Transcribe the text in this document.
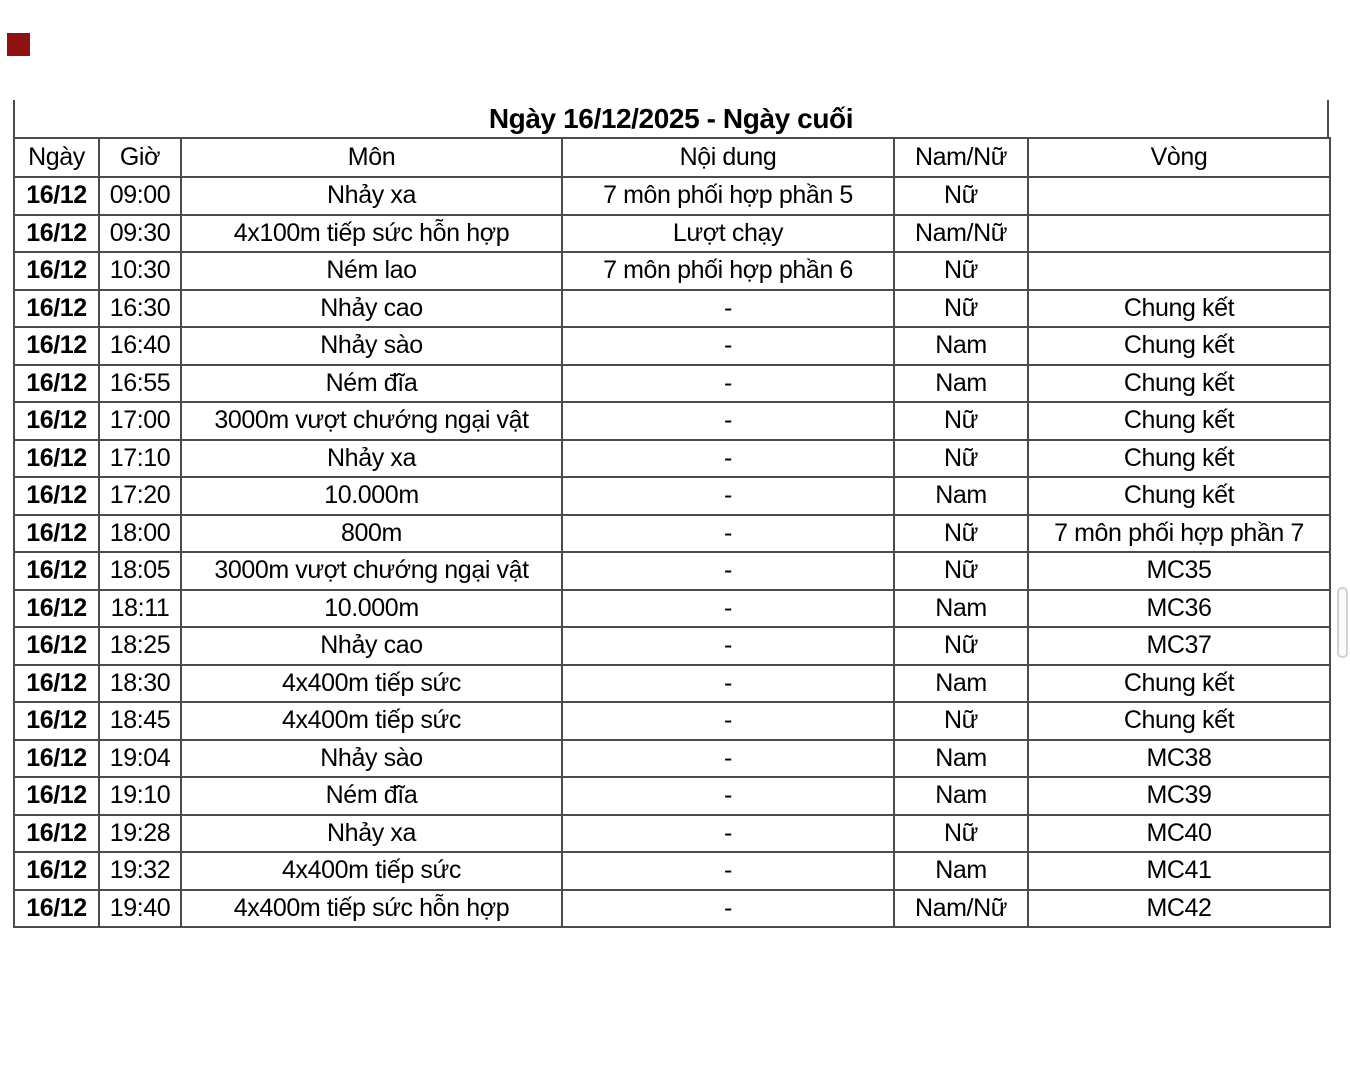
Ngày 16/12/2025 - Ngày cuối
Ngày	Giờ	Môn	Nội dung	Nam/Nữ	Vòng
16/12	09:00	Nhảy xa	7 môn phối hợp phần 5	Nữ	
16/12	09:30	4x100m tiếp sức hỗn hợp	Lượt chạy	Nam/Nữ	
16/12	10:30	Ném lao	7 môn phối hợp phần 6	Nữ	
16/12	16:30	Nhảy cao	-	Nữ	Chung kết
16/12	16:40	Nhảy sào	-	Nam	Chung kết
16/12	16:55	Ném đĩa	-	Nam	Chung kết
16/12	17:00	3000m vượt chướng ngại vật	-	Nữ	Chung kết
16/12	17:10	Nhảy xa	-	Nữ	Chung kết
16/12	17:20	10.000m	-	Nam	Chung kết
16/12	18:00	800m	-	Nữ	7 môn phối hợp phần 7
16/12	18:05	3000m vượt chướng ngại vật	-	Nữ	MC35
16/12	18:11	10.000m	-	Nam	MC36
16/12	18:25	Nhảy cao	-	Nữ	MC37
16/12	18:30	4x400m tiếp sức	-	Nam	Chung kết
16/12	18:45	4x400m tiếp sức	-	Nữ	Chung kết
16/12	19:04	Nhảy sào	-	Nam	MC38
16/12	19:10	Ném đĩa	-	Nam	MC39
16/12	19:28	Nhảy xa	-	Nữ	MC40
16/12	19:32	4x400m tiếp sức	-	Nam	MC41
16/12	19:40	4x400m tiếp sức hỗn hợp	-	Nam/Nữ	MC42
